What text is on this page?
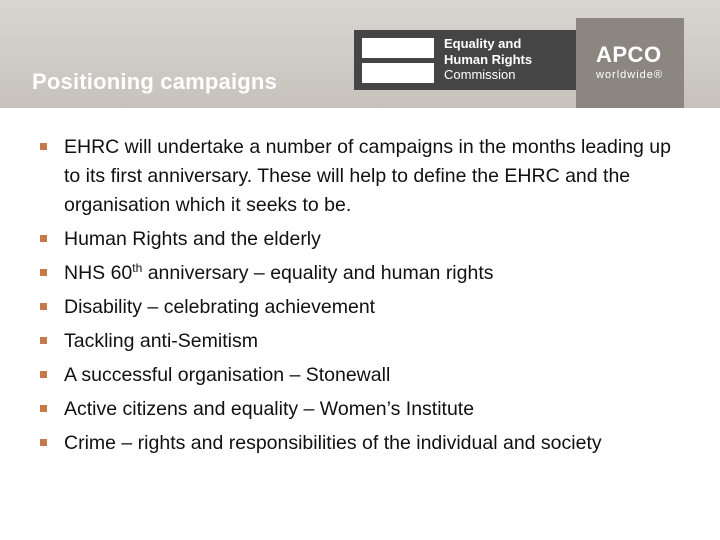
Positioning campaigns
Equality and
Human Rights
Commission
APCO
worldwide®
EHRC will undertake a number of campaigns in the months leading up to its first anniversary. These will help to define the EHRC and the organisation which it seeks to be.
Human Rights and the elderly
NHS 60th anniversary – equality and human rights
Disability – celebrating achievement
Tackling anti-Semitism
A successful organisation – Stonewall
Active citizens and equality – Women’s Institute
Crime – rights and responsibilities of the individual and society
